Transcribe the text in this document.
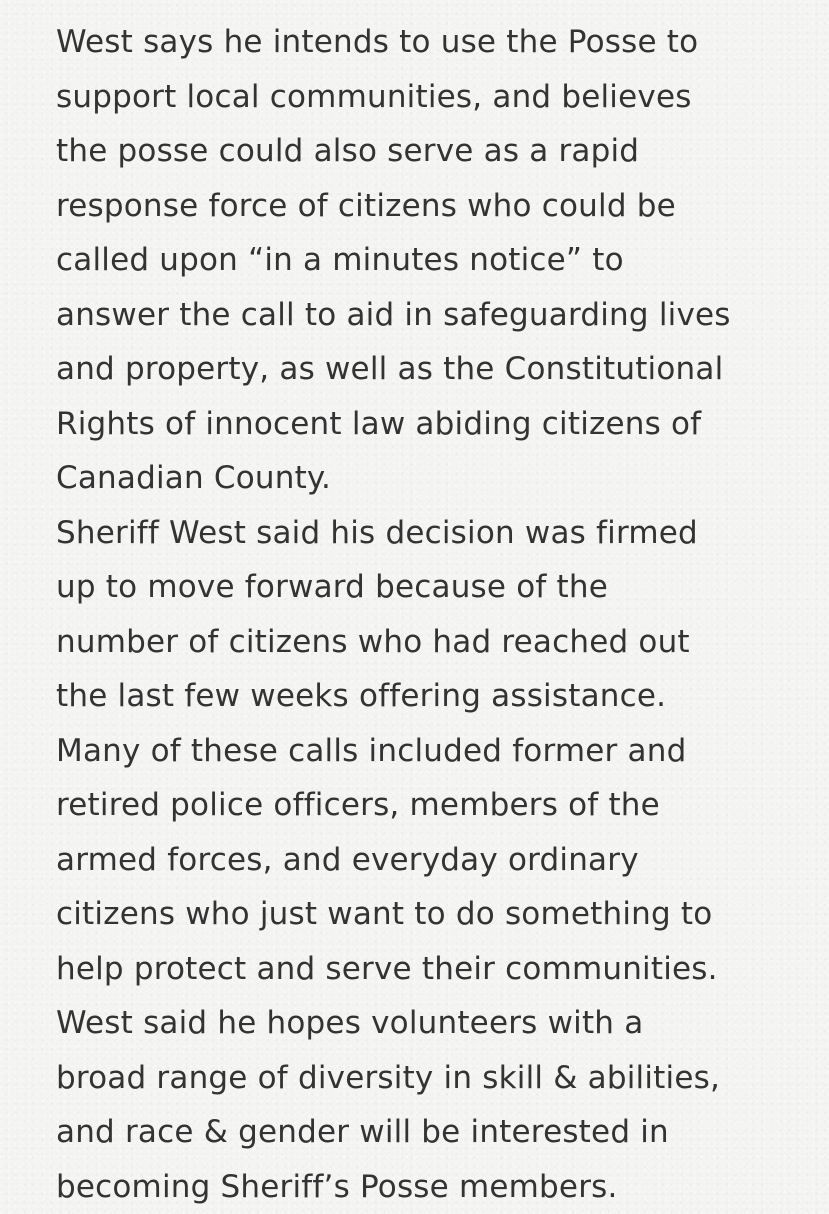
West says he intends to use the Posse to
support local communities, and believes
the posse could also serve as a rapid
response force of citizens who could be
called upon “in a minutes notice” to
answer the call to aid in safeguarding lives
and property, as well as the Constitutional
Rights of innocent law abiding citizens of
Canadian County.
Sheriff West said his decision was firmed
up to move forward because of the
number of citizens who had reached out
the last few weeks offering assistance.
Many of these calls included former and
retired police officers, members of the
armed forces, and everyday ordinary
citizens who just want to do something to
help protect and serve their communities.
West said he hopes volunteers with a
broad range of diversity in skill & abilities,
and race & gender will be interested in
becoming Sheriff’s Posse members.
